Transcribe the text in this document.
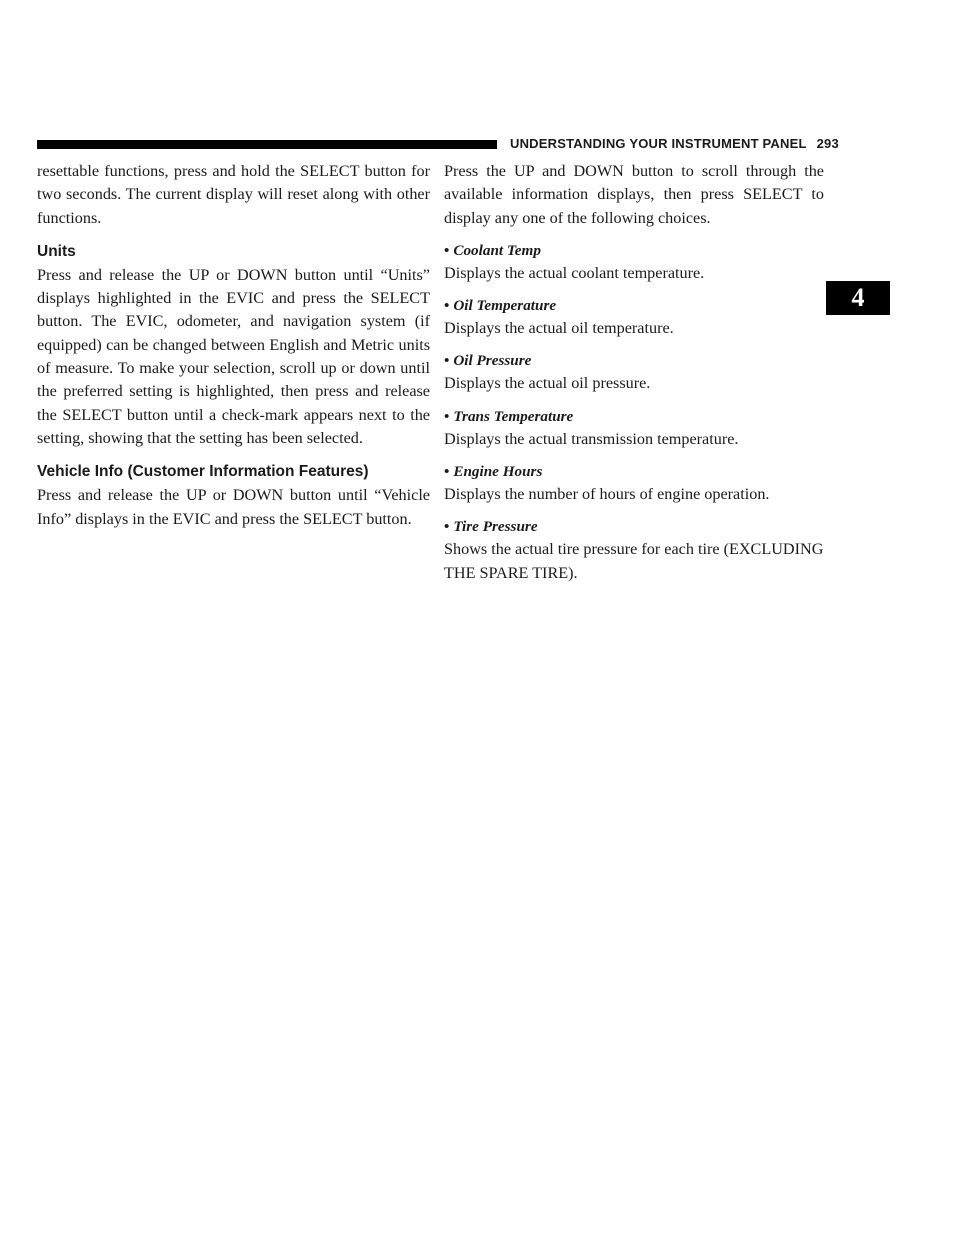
UNDERSTANDING YOUR INSTRUMENT PANEL 293
4

resettable functions, press and hold the SELECT button for two seconds. The current display will reset along with other functions.

Units

Press and release the UP or DOWN button until “Units” displays highlighted in the EVIC and press the SELECT button. The EVIC, odometer, and navigation system (if equipped) can be changed between English and Metric units of measure. To make your selection, scroll up or down until the preferred setting is highlighted, then press and release the SELECT button until a check-mark appears next to the setting, showing that the setting has been selected.

Vehicle Info (Customer Information Features)

Press and release the UP or DOWN button until “Vehicle Info” displays in the EVIC and press the SELECT button.

Press the UP and DOWN button to scroll through the available information displays, then press SELECT to display any one of the following choices.

• Coolant Temp
Displays the actual coolant temperature.
• Oil Temperature
Displays the actual oil temperature.
• Oil Pressure
Displays the actual oil pressure.
• Trans Temperature
Displays the actual transmission temperature.
• Engine Hours
Displays the number of hours of engine operation.
• Tire Pressure
Shows the actual tire pressure for each tire (EXCLUDING THE SPARE TIRE).
